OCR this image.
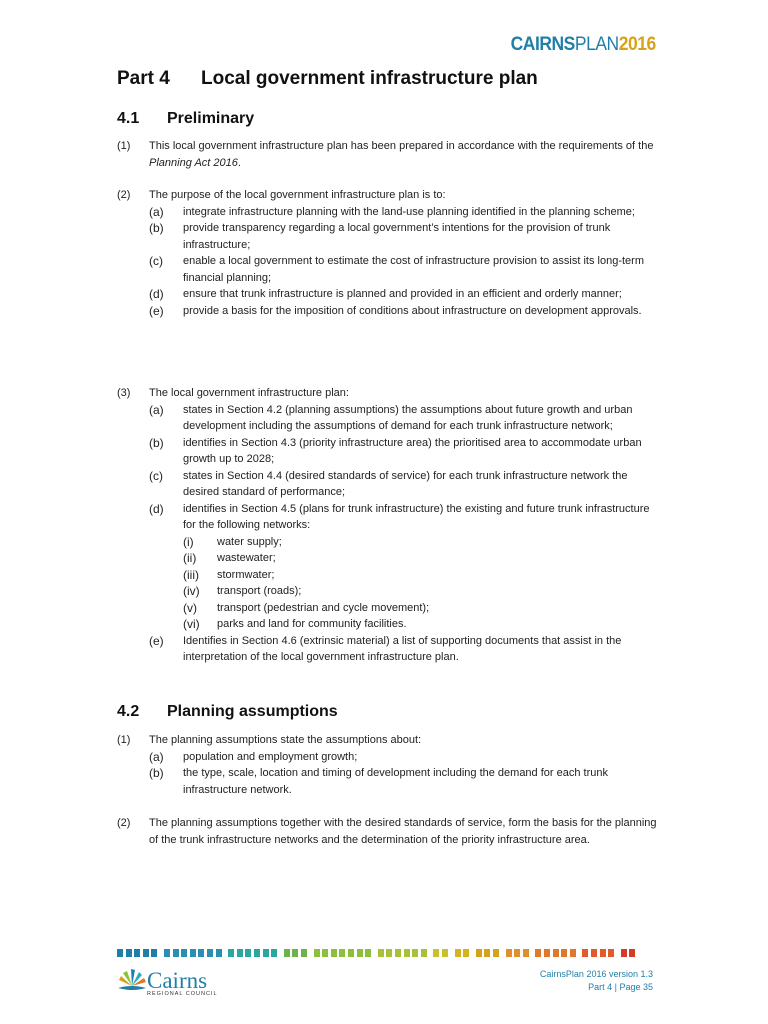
CAIRNSPLAN2016
Part 4 Local government infrastructure plan
4.1 Preliminary
(1) This local government infrastructure plan has been prepared in accordance with the requirements of the Planning Act 2016.
(2) The purpose of the local government infrastructure plan is to:
(a) integrate infrastructure planning with the land-use planning identified in the planning scheme;
(b) provide transparency regarding a local government’s intentions for the provision of trunk infrastructure;
(c) enable a local government to estimate the cost of infrastructure provision to assist its long-term financial planning;
(d) ensure that trunk infrastructure is planned and provided in an efficient and orderly manner;
(e) provide a basis for the imposition of conditions about infrastructure on development approvals.
(3) The local government infrastructure plan:
(a) states in Section 4.2 (planning assumptions) the assumptions about future growth and urban development including the assumptions of demand for each trunk infrastructure network;
(b) identifies in Section 4.3 (priority infrastructure area) the prioritised area to accommodate urban growth up to 2028;
(c) states in Section 4.4 (desired standards of service) for each trunk infrastructure network the desired standard of performance;
(d) identifies in Section 4.5 (plans for trunk infrastructure) the existing and future trunk infrastructure for the following networks:
(i) water supply;
(ii) wastewater;
(iii) stormwater;
(iv) transport (roads);
(v) transport (pedestrian and cycle movement);
(vi) parks and land for community facilities.
(e) Identifies in Section 4.6 (extrinsic material) a list of supporting documents that assist in the interpretation of the local government infrastructure plan.
4.2 Planning assumptions
(1) The planning assumptions state the assumptions about:
(a) population and employment growth;
(b) the type, scale, location and timing of development including the demand for each trunk infrastructure network.
(2) The planning assumptions together with the desired standards of service, form the basis for the planning of the trunk infrastructure networks and the determination of the priority infrastructure area.
Cairns
REGIONAL COUNCIL
CairnsPlan 2016 version 1.3
Part 4 | Page 35
